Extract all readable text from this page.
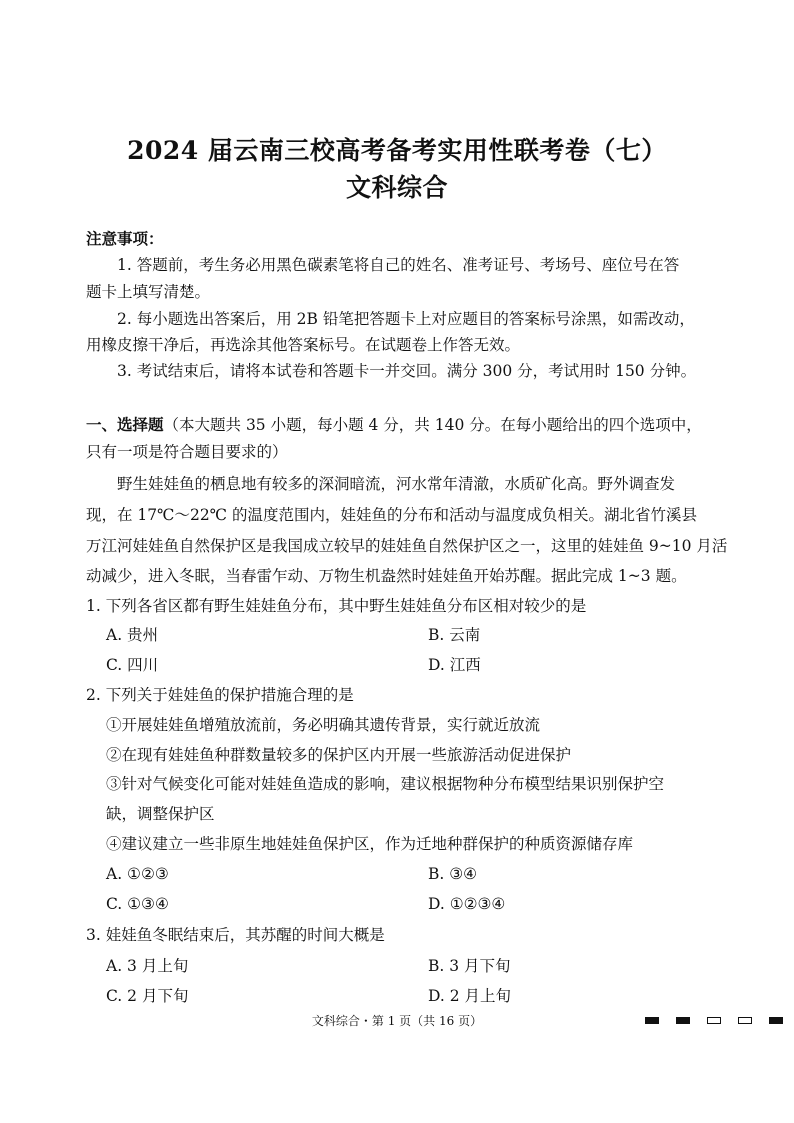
2024 届云南三校高考备考实用性联考卷（七）
文科综合
注意事项：
1. 答题前，考生务必用黑色碳素笔将自己的姓名、准考证号、考场号、座位号在答
题卡上填写清楚。
2. 每小题选出答案后，用 2B 铅笔把答题卡上对应题目的答案标号涂黑，如需改动，
用橡皮擦干净后，再选涂其他答案标号。在试题卷上作答无效。
3. 考试结束后，请将本试卷和答题卡一并交回。满分 300 分，考试用时 150 分钟。
一、选择题（本大题共 35 小题，每小题 4 分，共 140 分。在每小题给出的四个选项中，
只有一项是符合题目要求的）
野生娃娃鱼的栖息地有较多的深洞暗流，河水常年清澈，水质矿化高。野外调查发
现，在 17℃～22℃ 的温度范围内，娃娃鱼的分布和活动与温度成负相关。湖北省竹溪县
万江河娃娃鱼自然保护区是我国成立较早的娃娃鱼自然保护区之一，这里的娃娃鱼 9~10 月活
动减少，进入冬眠，当春雷乍动、万物生机盎然时娃娃鱼开始苏醒。据此完成 1~3 题。
1. 下列各省区都有野生娃娃鱼分布，其中野生娃娃鱼分布区相对较少的是
A. 贵州	B. 云南
C. 四川	D. 江西
2. 下列关于娃娃鱼的保护措施合理的是
①开展娃娃鱼增殖放流前，务必明确其遗传背景，实行就近放流
②在现有娃娃鱼种群数量较多的保护区内开展一些旅游活动促进保护
③针对气候变化可能对娃娃鱼造成的影响，建议根据物种分布模型结果识别保护空
缺，调整保护区
④建议建立一些非原生地娃娃鱼保护区，作为迁地种群保护的种质资源储存库
A. ①②③	B. ③④
C. ①③④	D. ①②③④
3. 娃娃鱼冬眠结束后，其苏醒的时间大概是
A. 3 月上旬	B. 3 月下旬
C. 2 月下旬	D. 2 月上旬
文科综合・第 1 页（共 16 页）
